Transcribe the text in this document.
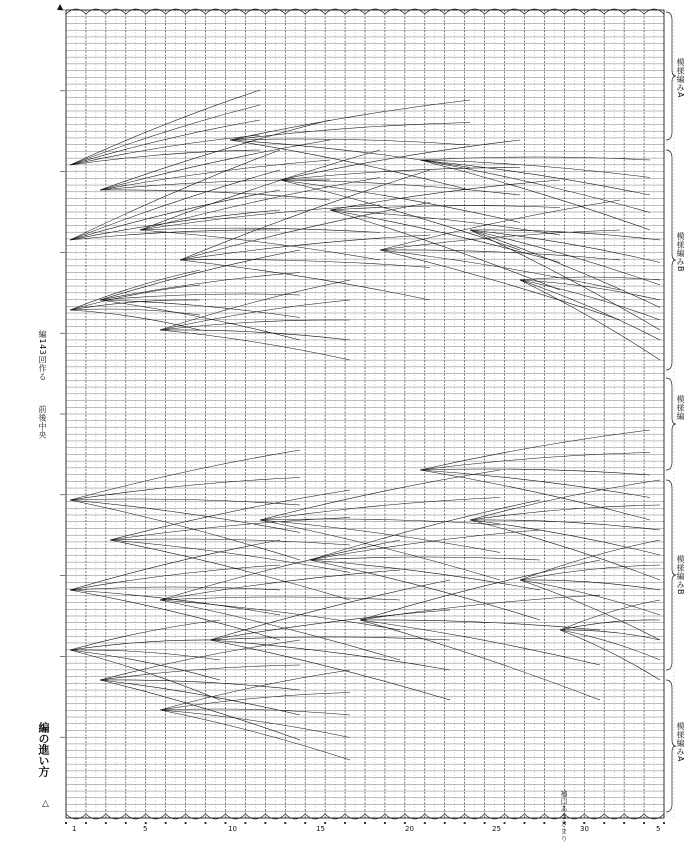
編の進い方
編143回作る
前後中央
模様編みA
模様編みB
模様編
模様編みB
模様編みA
袖口あききまり
1	5	10	15	20	25	30	5
▲
△
